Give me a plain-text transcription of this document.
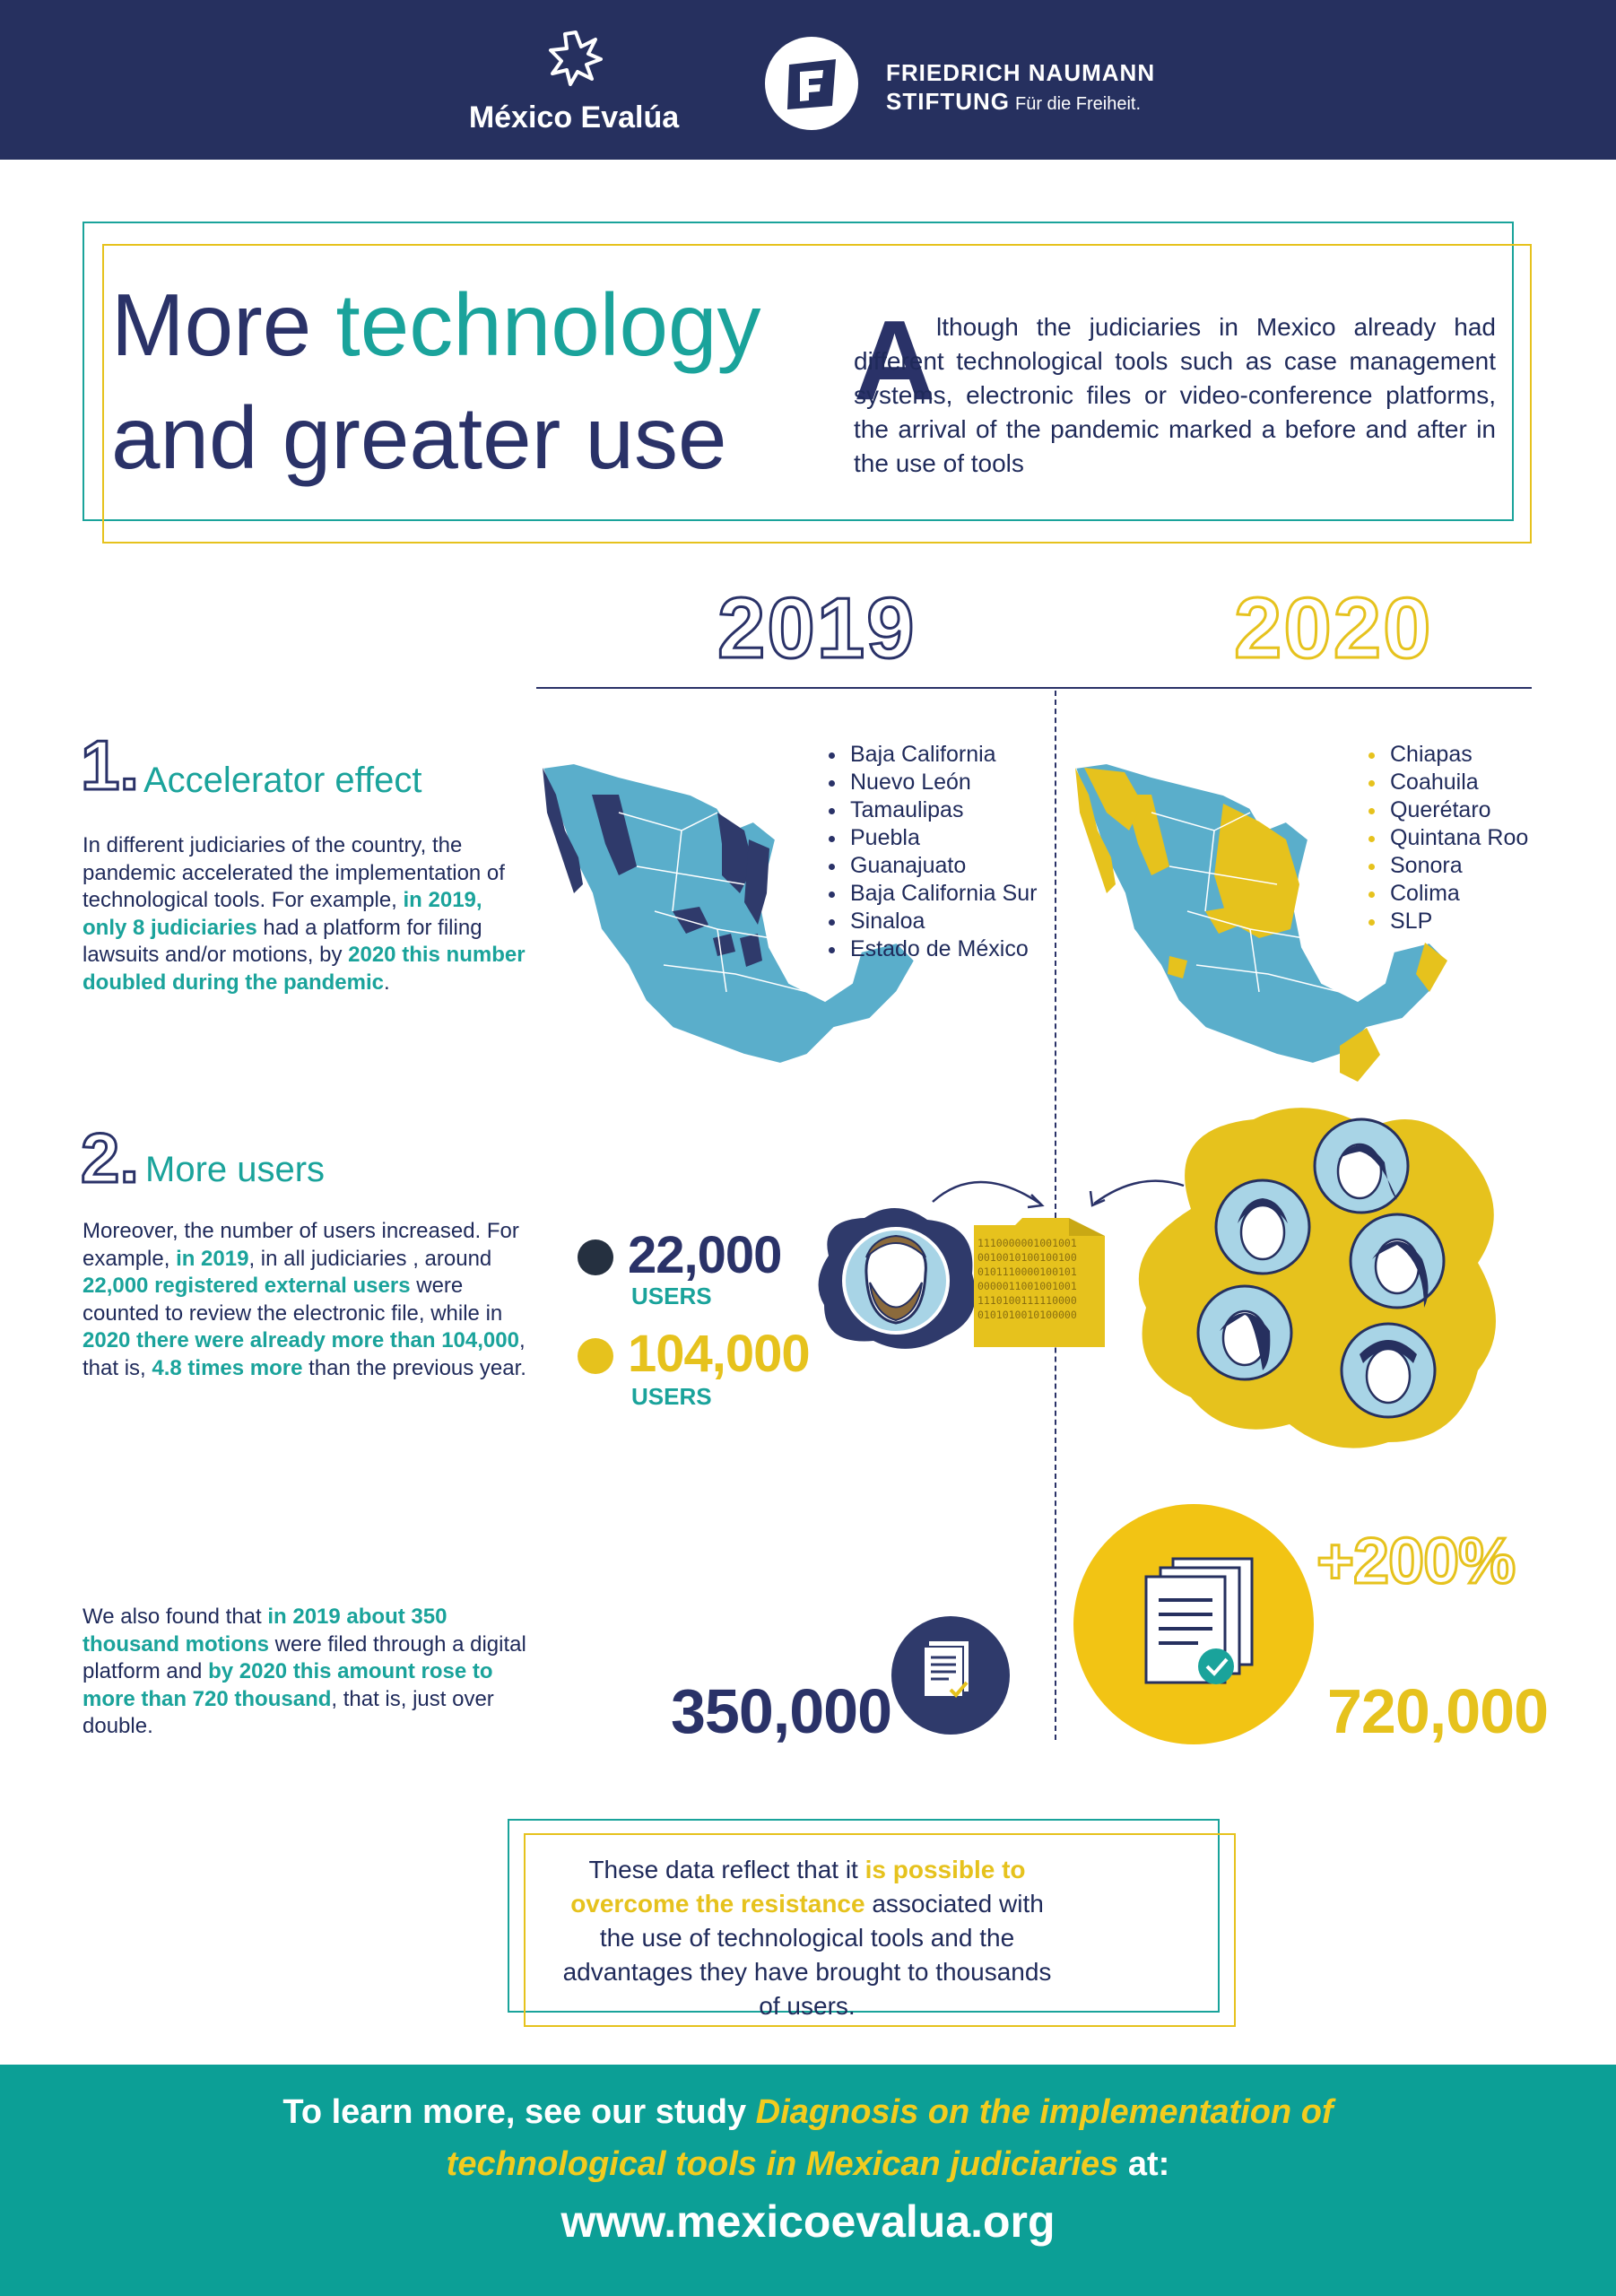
México Evalúa
FRIEDRICH NAUMANN
STIFTUNG Für die Freiheit.
More technology
and greater use
A lthough the judiciaries in Mexico already had different technological tools such as case management systems, electronic files or video-conference platforms, the arrival of the pandemic marked a before and after in the use of tools
2019	2020
1. Accelerator effect
In different judiciaries of the country, the pandemic accelerated the implementation of technological tools. For example, in 2019, only 8 judiciaries had a platform for filing lawsuits and/or motions, by 2020 this number doubled during the pandemic.
Baja California
Nuevo León
Tamaulipas
Puebla
Guanajuato
Baja California Sur
Sinaloa
Estado de México
Chiapas
Coahuila
Querétaro
Quintana Roo
Sonora
Colima
SLP
2. More users
Moreover, the number of users increased. For example, in 2019, in all judiciaries , around 22,000 registered external users were counted to review the electronic file, while in 2020 there were already more than 104,000, that is, 4.8 times more than the previous year.
22,000
USERS
104,000
USERS
1110000001001001
0010010100100100
0101110000100101
0000011001001001
1110100111110000
0101010010100000
We also found that in 2019 about 350 thousand motions were filed through a digital platform and by 2020 this amount rose to more than 720 thousand, that is, just over double.	350,000
+200%
720,000
These data reflect that it is possible to overcome the resistance associated with the use of technological tools and the advantages they have brought to thousands of users.
To learn more, see our study Diagnosis on the implementation of
technological tools in Mexican judiciaries at:
www.mexicoevalua.org
